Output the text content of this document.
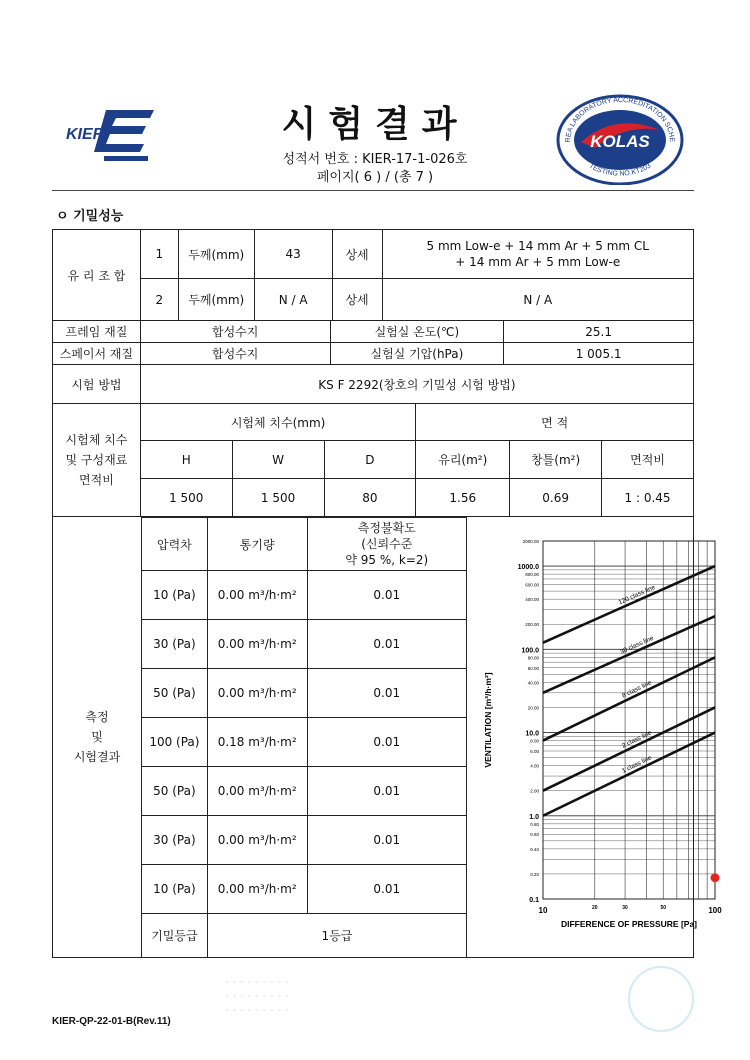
KIER	시험결과
성적서 번호 : KIER-17-1-026호
페이지( 6 ) / (총 7 )
KOLAS
REA LABORATORY ACCREDITATION SCHE
TESTING NO.KT203
ㅇ 기밀성능
유 리 조 합	1	두께(mm)	43	상세	5 mm Low-e + 14 mm Ar + 5 mm CL
+ 14 mm Ar + 5 mm Low-e
	2	두께(mm)	N / A	상세	N / A
프레임 재질	합성수지	실험실 온도(℃)	25.1
스페이서 재질	합성수지	실험실 기압(hPa)	1 005.1
시험 방법	KS F 2292(창호의 기밀성 시험 방법)		
시험체 치수
및 구성재료
면적비	시험체 치수(mm)			면 적		
	H	W	D	유리(m²)	창틀(m²)	면적비
	1 500	1 500	80	1.56	0.69	1 : 0.45
측정
및
시험결과
압력차	통기량	측정불확도
(신뢰수준
약 95 %, k=2)
10 (Pa)	0.00 m³/h·m²	0.01
30 (Pa)	0.00 m³/h·m²	0.01
50 (Pa)	0.00 m³/h·m²	0.01
100 (Pa)	0.18 m³/h·m²	0.01
50 (Pa)	0.00 m³/h·m²	0.01
30 (Pa)	0.00 m³/h·m²	0.01
10 (Pa)	0.00 m³/h·m²	0.01
기밀등급	1등급	
0.1
0.20
0.40
0.60
0.80
1.0
2.00
4.00
6.00
8.00
10.0
20.00
40.00
60.00
80.00
100.0
200.00
400.00
600.00
800.00
1000.0
2000.00
10	20	30	50	100
DIFFERENCE OF PRESSURE [Pa]
VENTILATION [m³/h·m²]
120 class line
30 class line
8 class line
2 class line
1 class line
- - - - - - - - -
- - - - - - - - -
- - - - - - - - -
KIER-QP-22-01-B(Rev.11)
